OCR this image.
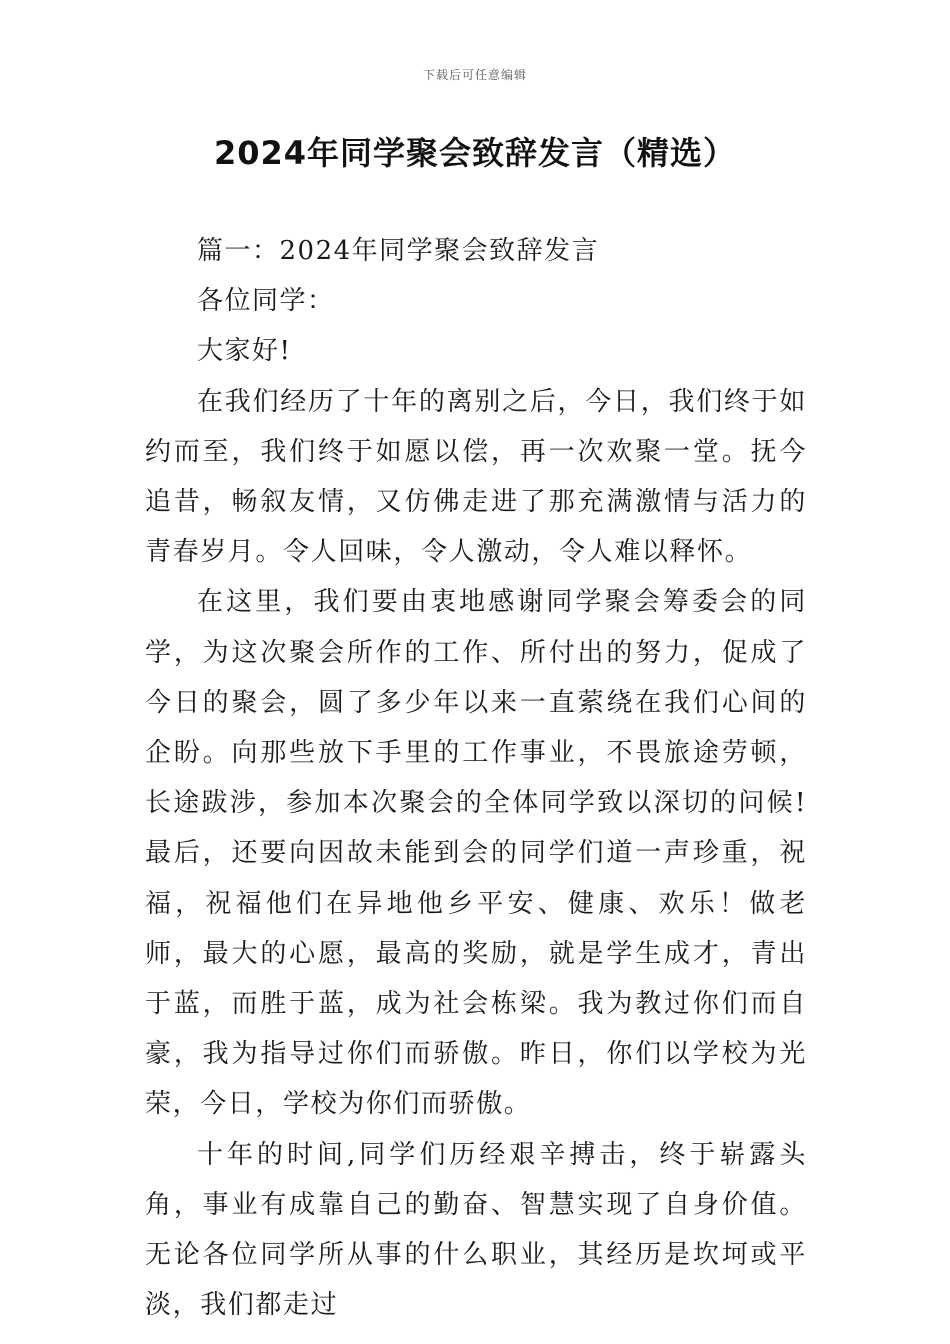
下载后可任意编辑
2024年同学聚会致辞发言（精选）

篇一：2024年同学聚会致辞发言

各位同学：

大家好!

在我们经历了十年的离别之后，今日，我们终于如约而至，我们终于如愿以偿，再一次欢聚一堂。抚今追昔，畅叙友情，又仿佛走进了那充满激情与活力的青春岁月。令人回味，令人激动，令人难以释怀。

在这里，我们要由衷地感谢同学聚会筹委会的同学，为这次聚会所作的工作、所付出的努力，促成了今日的聚会，圆了多少年以来一直萦绕在我们心间的企盼。向那些放下手里的工作事业，不畏旅途劳顿，长途跋涉，参加本次聚会的全体同学致以深切的问候!最后，还要向因故未能到会的同学们道一声珍重，祝福，祝福他们在异地他乡平安、健康、欢乐！做老师，最大的心愿，最高的奖励，就是学生成才，青出于蓝，而胜于蓝，成为社会栋梁。我为教过你们而自豪，我为指导过你们而骄傲。昨日，你们以学校为光荣，今日，学校为你们而骄傲。

十年的时间,同学们历经艰辛搏击，终于崭露头角，事业有成靠自己的勤奋、智慧实现了自身价值。无论各位同学所从事的什么职业，其经历是坎坷或平淡，我们都走过
